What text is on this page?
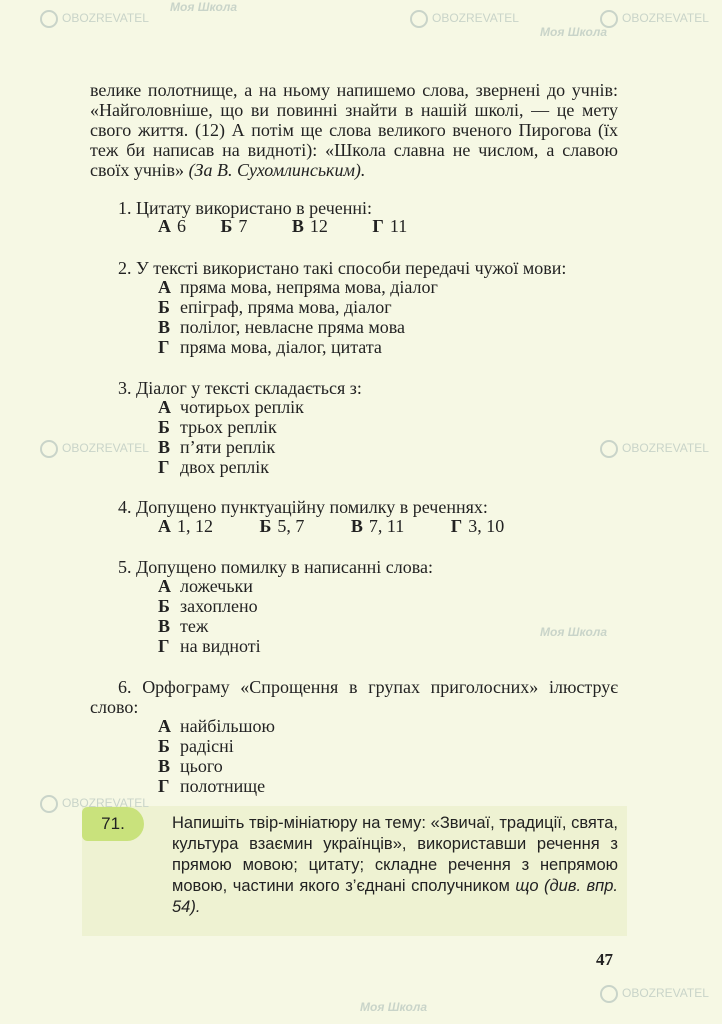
велике полотнище, а на ньому напишемо слова, звернені до учнів: «Найголовніше, що ви повинні знайти в нашій школі, — це мету свого життя. (12) А потім ще слова великого вченого Пирогова (їх теж би написав на видноті): «Школа славна не числом, а славою своїх учнів» (За В. Сухомлинським).

1. Цитату використано в реченні:
А 6 Б 7 В 12 Г 11
2. У тексті використано такі способи передачі чужої мови:
А пряма мова, непряма мова, діалог
Б епіграф, пряма мова, діалог
В полілог, невласне пряма мова
Г пряма мова, діалог, цитата
3. Діалог у тексті складається з:
А чотирьох реплік
Б трьох реплік
В п’яти реплік
Г двох реплік
4. Допущено пунктуаційну помилку в реченнях:
А 1, 12	Б 5, 7	В 7, 11	Г 3, 10
5. Допущено помилку в написанні слова:
А ложечьки
Б захоплено
В теж
Г на видноті
6. Орфограму «Спрощення в групах приголосних» ілюструє слово:
А найбільшою
Б радісні
В цього
Г полотнище
71.	Напишіть твір-мініатюру на тему: «Звичаї, традиції, свята, культура взаємин українців», використавши речення з прямою мовою; цитату; складне речення з непрямою мовою, частини якого з’єднані сполучником що (див. впр. 54).
47
OBOZREVATEL
Моя Школа
OBOZREVATEL	OBOZREVATEL
Моя Школа
OBOZREVATEL	OBOZREVATEL
Моя Школа
OBOZREVATEL
OBOZREVATEL
Моя Школа
